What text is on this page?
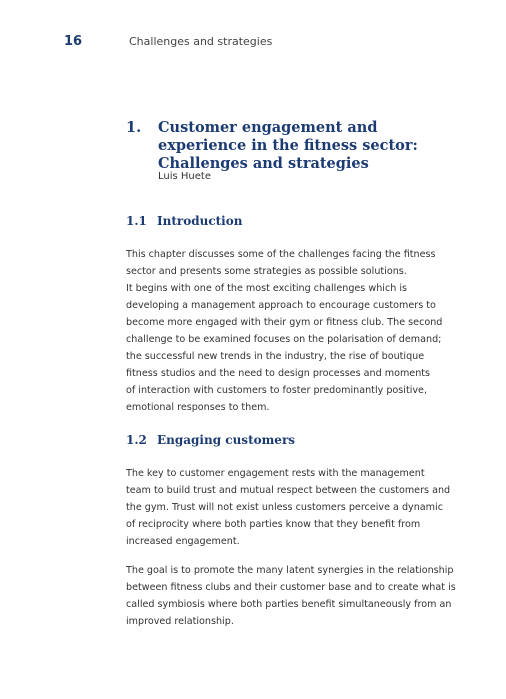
16	Challenges and strategies
1. Customer engagement and
experience in the fitness sector:
Challenges and strategies
Luis Huete
1.1 Introduction
This chapter discusses some of the challenges facing the fitness
sector and presents some strategies as possible solutions.
It begins with one of the most exciting challenges which is
developing a management approach to encourage customers to
become more engaged with their gym or fitness club. The second
challenge to be examined focuses on the polarisation of demand;
the successful new trends in the industry, the rise of boutique
fitness studios and the need to design processes and moments
of interaction with customers to foster predominantly positive,
emotional responses to them.
1.2 Engaging customers
The key to customer engagement rests with the management
team to build trust and mutual respect between the customers and
the gym. Trust will not exist unless customers perceive a dynamic
of reciprocity where both parties know that they benefit from
increased engagement.
The goal is to promote the many latent synergies in the relationship
between fitness clubs and their customer base and to create what is
called symbiosis where both parties benefit simultaneously from an
improved relationship.
